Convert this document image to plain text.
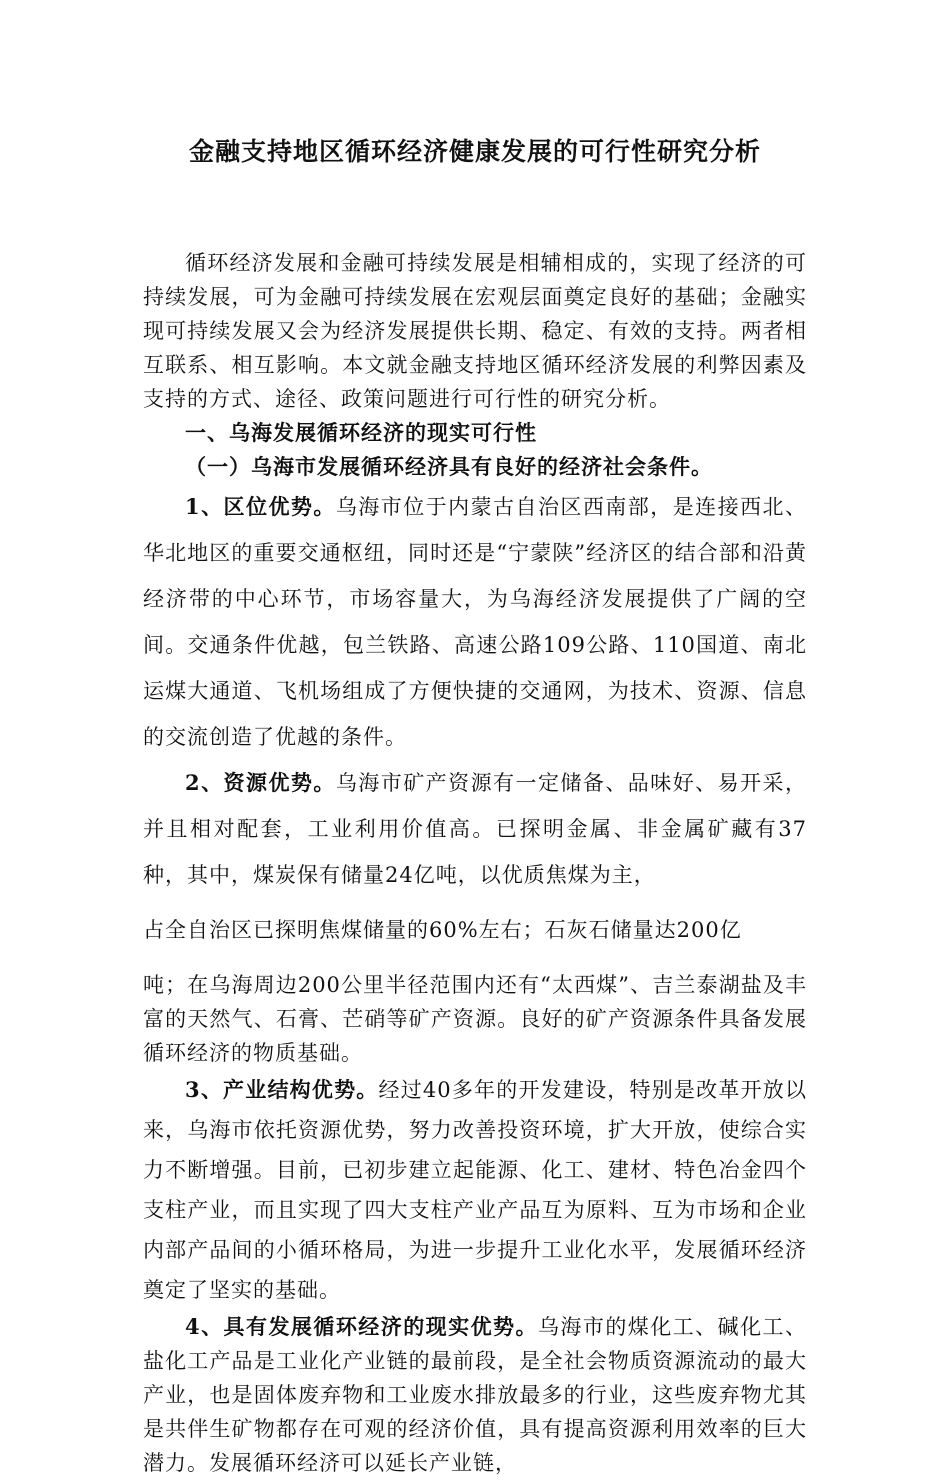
金融支持地区循环经济健康发展的可行性研究分析

循环经济发展和金融可持续发展是相辅相成的，实现了经济的可持续发展，可为金融可持续发展在宏观层面奠定良好的基础；金融实现可持续发展又会为经济发展提供长期、稳定、有效的支持。两者相互联系、相互影响。本文就金融支持地区循环经济发展的利弊因素及支持的方式、途径、政策问题进行可行性的研究分析。

一、乌海发展循环经济的现实可行性

（一）乌海市发展循环经济具有良好的经济社会条件。

1、区位优势。乌海市位于内蒙古自治区西南部，是连接西北、华北地区的重要交通枢纽，同时还是“宁蒙陕”经济区的结合部和沿黄经济带的中心环节，市场容量大，为乌海经济发展提供了广阔的空间。交通条件优越，包兰铁路、高速公路109公路、110国道、南北运煤大通道、飞机场组成了方便快捷的交通网，为技术、资源、信息的交流创造了优越的条件。

2、资源优势。乌海市矿产资源有一定储备、品味好、易开采，并且相对配套，工业利用价值高。已探明金属、非金属矿藏有37种，其中，煤炭保有储量24亿吨，以优质焦煤为主，

占全自治区已探明焦煤储量的60%左右；石灰石储量达200亿

吨；在乌海周边200公里半径范围内还有“太西煤”、吉兰泰湖盐及丰富的天然气、石膏、芒硝等矿产资源。良好的矿产资源条件具备发展循环经济的物质基础。

3、产业结构优势。经过40多年的开发建设，特别是改革开放以来，乌海市依托资源优势，努力改善投资环境，扩大开放，使综合实力不断增强。目前，已初步建立起能源、化工、建材、特色冶金四个支柱产业，而且实现了四大支柱产业产品互为原料、互为市场和企业内部产品间的小循环格局，为进一步提升工业化水平，发展循环经济奠定了坚实的基础。

4、具有发展循环经济的现实优势。乌海市的煤化工、碱化工、盐化工产品是工业化产业链的最前段，是全社会物质资源流动的最大产业，也是固体废弃物和工业废水排放最多的行业，这些废弃物尤其是共伴生矿物都存在可观的经济价值，具有提高资源利用效率的巨大潜力。发展循环经济可以延长产业链，
